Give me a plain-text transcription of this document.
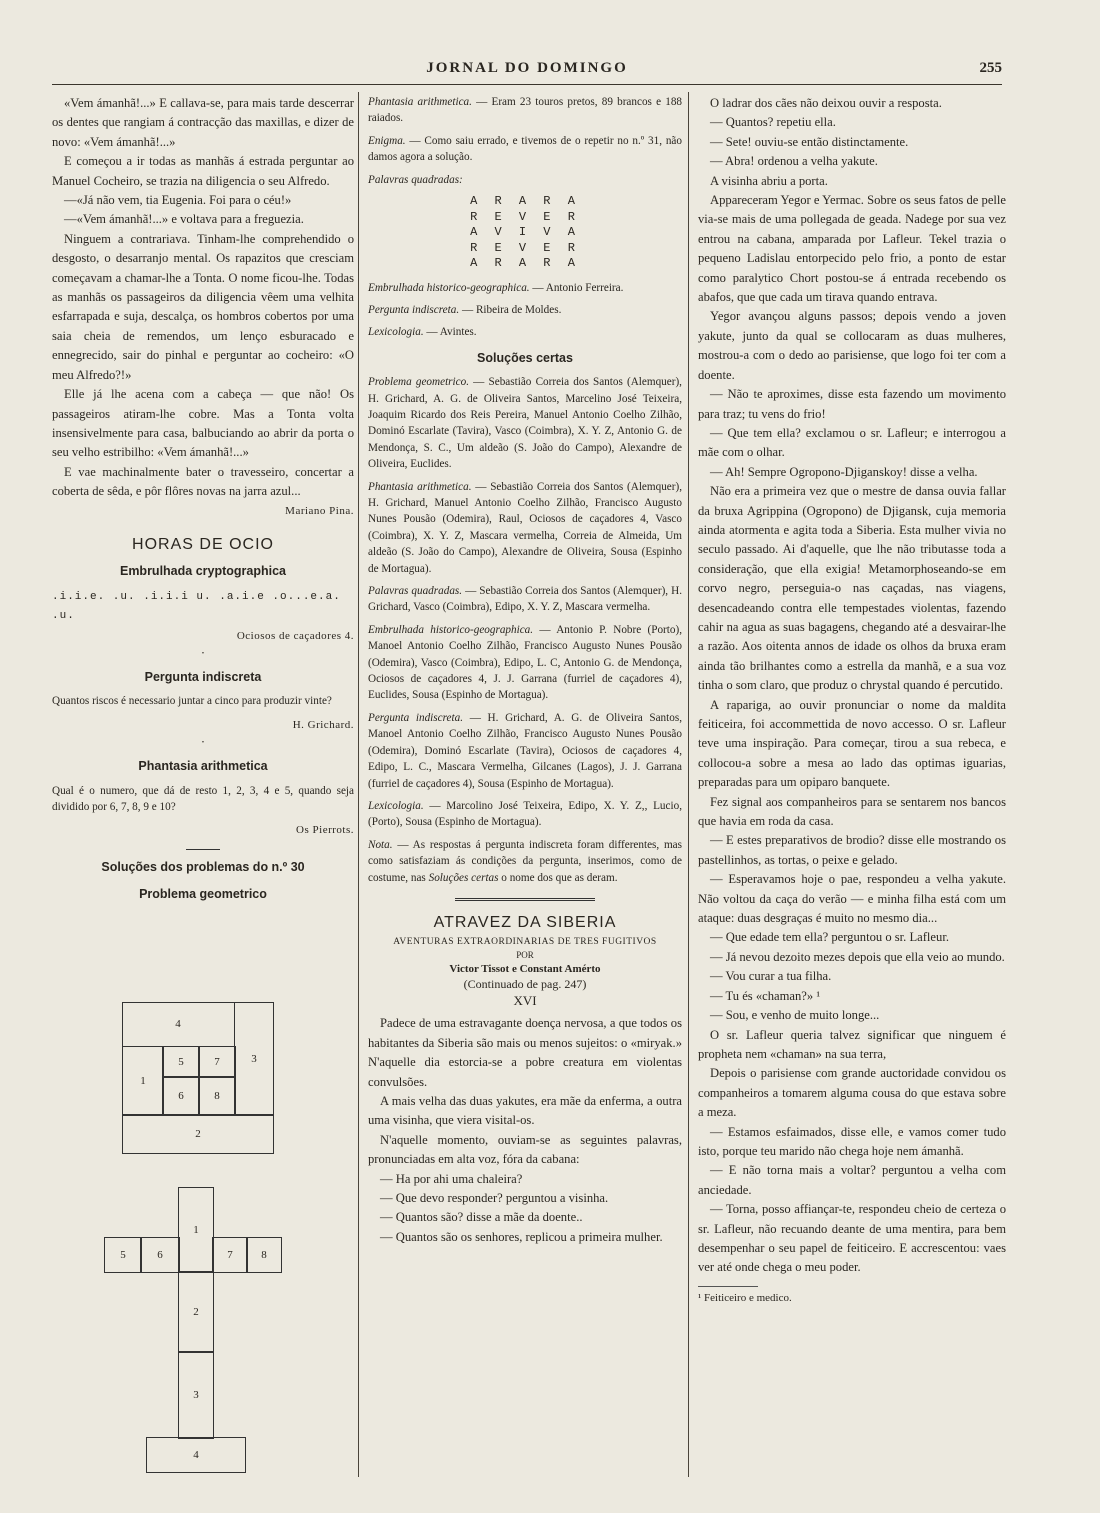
JORNAL DO DOMINGO	255

«Vem ámanhã!...» E callava-se, para mais tarde descerrar os dentes que rangiam á contracção das maxillas, e dizer de novo: «Vem ámanhã!...»

E começou a ir todas as manhãs á estrada perguntar ao Manuel Cocheiro, se trazia na diligencia o seu Alfredo.

—«Já não vem, tia Eugenia. Foi para o céu!»

—«Vem ámanhã!...» e voltava para a freguezia.

Ninguem a contrariava. Tinham-lhe comprehendido o desgosto, o desarranjo mental. Os rapazitos que cresciam começavam a chamar-lhe a Tonta. O nome ficou-lhe. Todas as manhãs os passageiros da diligencia vêem uma velhita esfarrapada e suja, descalça, os hombros cobertos por uma saia cheia de remendos, um lenço esburacado e ennegrecido, sair do pinhal e perguntar ao cocheiro: «O meu Alfredo?!»

Elle já lhe acena com a cabeça — que não! Os passageiros atiram-lhe cobre. Mas a Tonta volta insensivelmente para casa, balbuciando ao abrir da porta o seu velho estribilho: «Vem ámanhã!...»

E vae machinalmente bater o travesseiro, concertar a coberta de sêda, e pôr flôres novas na jarra azul...

Mariano Pina.

HORAS DE OCIO

Embrulhada cryptographica

.i.i.e. .u. .i.i.i u. .a.i.e .o...e.a. .u.

Ociosos de caçadores 4.

·

Pergunta indiscreta

Quantos riscos é necessario juntar a cinco para produzir vinte?

H. Grichard.

·

Phantasia arithmetica

Qual é o numero, que dá de resto 1, 2, 3, 4 e 5, quando seja dividido por 6, 7, 8, 9 e 10?

Os Pierrots.

Soluções dos problemas do n.º 30

Problema geometrico

4
5	7	3
1
6	8
2
1
5	6	7	8
2
3
4

Phantasia arithmetica. — Eram 23 touros pretos, 89 brancos e 188 raiados.

Enigma. — Como saiu errado, e tivemos de o repetir no n.º 31, não damos agora a solução.

Palavras quadradas:

A R A R A
R E V E R
A V I V A
R E V E R
A R A R A

Embrulhada historico-geographica. — Antonio Ferreira.

Pergunta indiscreta. — Ribeira de Moldes.

Lexicologia. — Avintes.

Soluções certas

Problema geometrico. — Sebastião Correia dos Santos (Alemquer), H. Grichard, A. G. de Oliveira Santos, Marcelino José Teixeira, Joaquim Ricardo dos Reis Pereira, Manuel Antonio Coelho Zilhão, Dominó Escarlate (Tavira), Vasco (Coimbra), X. Y. Z, Antonio G. de Mendonça, S. C., Um aldeão (S. João do Campo), Alexandre de Oliveira, Euclides.

Phantasia arithmetica. — Sebastião Correia dos Santos (Alemquer), H. Grichard, Manuel Antonio Coelho Zilhão, Francisco Augusto Nunes Pousão (Odemira), Raul, Ociosos de caçadores 4, Vasco (Coimbra), X. Y. Z, Mascara vermelha, Correia de Almeida, Um aldeão (S. João do Campo), Alexandre de Oliveira, Sousa (Espinho de Mortagua).

Palavras quadradas. — Sebastião Correia dos Santos (Alemquer), H. Grichard, Vasco (Coimbra), Edipo, X. Y. Z, Mascara vermelha.

Embrulhada historico-geographica. — Antonio P. Nobre (Porto), Manoel Antonio Coelho Zilhão, Francisco Augusto Nunes Pousão (Odemira), Vasco (Coimbra), Edipo, L. C, Antonio G. de Mendonça, Ociosos de caçadores 4, J. J. Garrana (furriel de caçadores 4), Euclides, Sousa (Espinho de Mortagua).

Pergunta indiscreta. — H. Grichard, A. G. de Oliveira Santos, Manoel Antonio Coelho Zilhão, Francisco Augusto Nunes Pousão (Odemira), Dominó Escarlate (Tavira), Ociosos de caçadores 4, Edipo, L. C., Mascara Vermelha, Gilcanes (Lagos), J. J. Garrana (furriel de caçadores 4), Sousa (Espinho de Mortagua).

Lexicologia. — Marcolino José Teixeira, Edipo, X. Y. Z,, Lucio, (Porto), Sousa (Espinho de Mortagua).

Nota. — As respostas á pergunta indiscreta foram differentes, mas como satisfaziam ás condições da pergunta, inserimos, como de costume, nas Soluções certas o nome dos que as deram.

ATRAVEZ DA SIBERIA

AVENTURAS EXTRAORDINARIAS DE TRES FUGITIVOS

POR

Victor Tissot e Constant Amérto

(Continuado de pag. 247)

XVI

Padece de uma estravagante doença nervosa, a que todos os habitantes da Siberia são mais ou menos sujeitos: o «miryak.» N'aquelle dia estorcia-se a pobre creatura em violentas convulsões.

A mais velha das duas yakutes, era mãe da enferma, a outra uma visinha, que viera visital-os.

N'aquelle momento, ouviam-se as seguintes palavras, pronunciadas em alta voz, fóra da cabana:

— Ha por ahi uma chaleira?

— Que devo responder? perguntou a visinha.

— Quantos são? disse a mãe da doente..

— Quantos são os senhores, replicou a primeira mulher.

O ladrar dos cães não deixou ouvir a resposta.

— Quantos? repetiu ella.

— Sete! ouviu-se então distinctamente.

— Abra! ordenou a velha yakute.

A visinha abriu a porta.

Appareceram Yegor e Yermac. Sobre os seus fatos de pelle via-se mais de uma pollegada de geada. Nadege por sua vez entrou na cabana, amparada por Lafleur. Tekel trazia o pequeno Ladislau entorpecido pelo frio, a ponto de estar como paralytico Chort postou-se á entrada recebendo os abafos, que que cada um tirava quando entrava.

Yegor avançou alguns passos; depois vendo a joven yakute, junto da qual se collocaram as duas mulheres, mostrou-a com o dedo ao parisiense, que logo foi ter com a doente.

— Não te aproximes, disse esta fazendo um movimento para traz; tu vens do frio!

— Que tem ella? exclamou o sr. Lafleur; e interrogou a mãe com o olhar.

— Ah! Sempre Ogropono-Djiganskoy! disse a velha.

Não era a primeira vez que o mestre de dansa ouvia fallar da bruxa Agrippina (Ogropono) de Djigansk, cuja memoria ainda atormenta e agita toda a Siberia. Esta mulher vivia no seculo passado. Ai d'aquelle, que lhe não tributasse toda a consideração, que ella exigia! Metamorphoseando-se em corvo negro, perseguia-o nas caçadas, nas viagens, desencadeando contra elle tempestades violentas, fazendo cahir na agua as suas bagagens, chegando até a desvairar-lhe a razão. Aos oitenta annos de idade os olhos da bruxa eram ainda tão brilhantes como a estrella da manhã, e a sua voz tinha o som claro, que produz o chrystal quando é percutido.

A rapariga, ao ouvir pronunciar o nome da maldita feiticeira, foi accommettida de novo accesso. O sr. Lafleur teve uma inspiração. Para começar, tirou a sua rebeca, e collocou-a sobre a mesa ao lado das optimas iguarias, preparadas para um opiparo banquete.

Fez signal aos companheiros para se sentarem nos bancos que havia em roda da casa.

— E estes preparativos de brodio? disse elle mostrando os pastellinhos, as tortas, o peixe e gelado.

— Esperavamos hoje o pae, respondeu a velha yakute. Não voltou da caça do verão — e minha filha está com um ataque: duas desgraças é muito no mesmo dia...

— Que edade tem ella? perguntou o sr. Lafleur.

— Já nevou dezoito mezes depois que ella veio ao mundo.

— Vou curar a tua filha.

— Tu és «chaman?» ¹

— Sou, e venho de muito longe...

O sr. Lafleur queria talvez significar que ninguem é propheta nem «chaman» na sua terra,

Depois o parisiense com grande auctoridade convidou os companheiros a tomarem alguma cousa do que estava sobre a meza.

— Estamos esfaimados, disse elle, e vamos comer tudo isto, porque teu marido não chega hoje nem ámanhã.

— E não torna mais a voltar? perguntou a velha com anciedade.

— Torna, posso affiançar-te, respondeu cheio de certeza o sr. Lafleur, não recuando deante de uma mentira, para bem desempenhar o seu papel de feiticeiro. E accrescentou: vaes ver até onde chega o meu poder.

¹ Feiticeiro e medico.
